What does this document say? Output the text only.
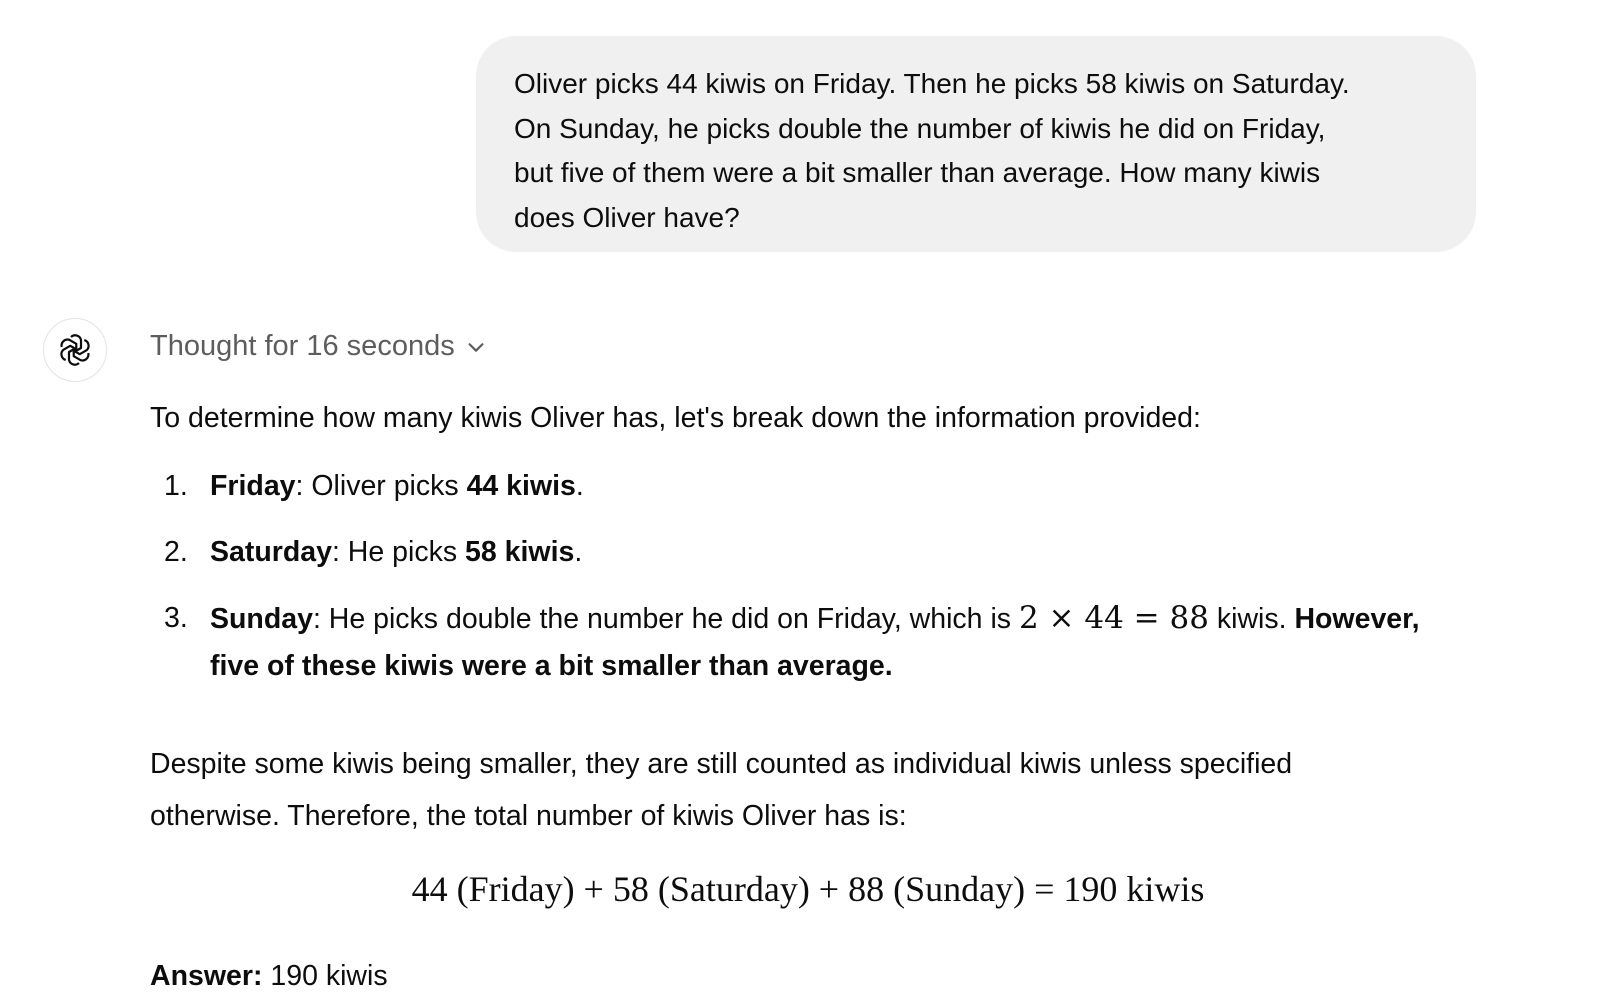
Oliver picks 44 kiwis on Friday. Then he picks 58 kiwis on Saturday.
On Sunday, he picks double the number of kiwis he did on Friday,
but five of them were a bit smaller than average. How many kiwis
does Oliver have?
Thought for 16 seconds
To determine how many kiwis Oliver has, let's break down the information provided:
1. Friday: Oliver picks 44 kiwis.
2. Saturday: He picks 58 kiwis.
3. Sunday: He picks double the number he did on Friday, which is 2 × 44 = 88 kiwis. However,
five of these kiwis were a bit smaller than average.
Despite some kiwis being smaller, they are still counted as individual kiwis unless specified
otherwise. Therefore, the total number of kiwis Oliver has is:
44 (Friday) + 58 (Saturday) + 88 (Sunday) = 190 kiwis
Answer: 190 kiwis
